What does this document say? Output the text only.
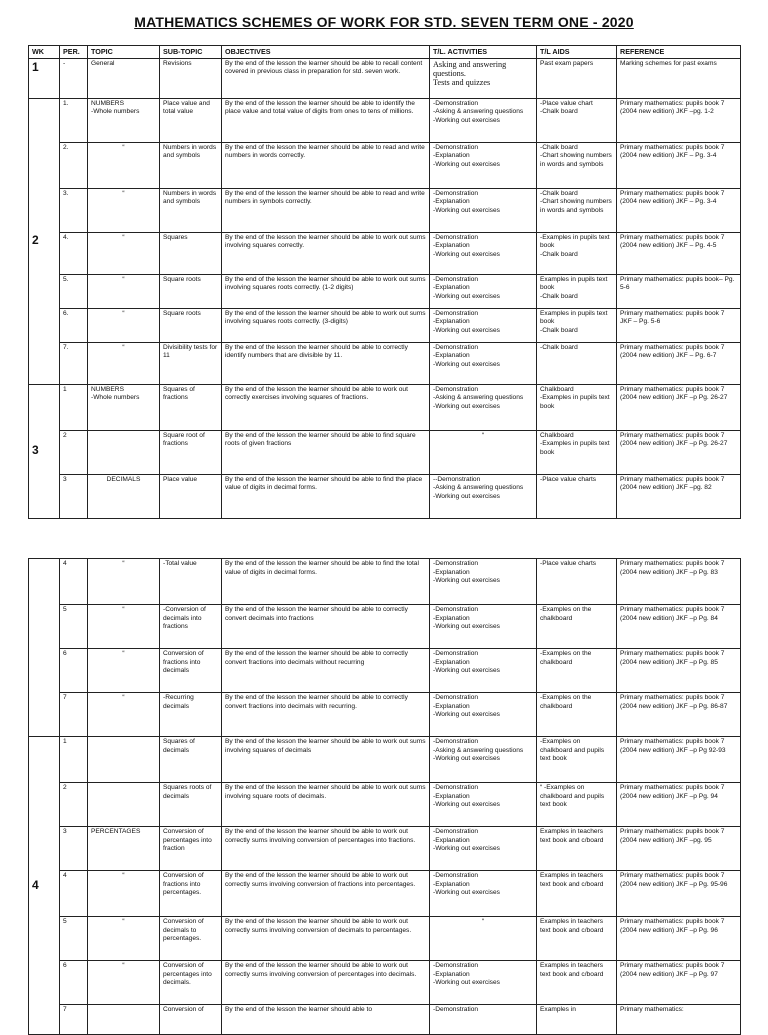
MATHEMATICS SCHEMES OF WORK FOR STD. SEVEN TERM ONE - 2020
WK	PER.	TOPIC	SUB-TOPIC	OBJECTIVES	T/L. ACTIVITIES	T/L AIDS	REFERENCE
1	-	General	Revisions	By the end of the lesson the learner should be able to recall content covered in previous class in preparation for std. seven work.	Asking and answering questions.
Tests and quizzes	Past exam papers	Marking schemes for past exams

2	1.	NUMBERS
-Whole numbers	Place value and total value	By the end of the lesson the learner should be able to identify the place value and total value of digits from ones to tens of millions.	-Demonstration
-Asking & answering questions
-Working out exercises	-Place value chart
-Chalk board	Primary mathematics: pupils book 7 (2004 new edition) JKF –pg. 1-2

	2.	“	Numbers in words and symbols	By the end of the lesson the learner should be able to read and write numbers in words correctly.	-Demonstration
-Explanation
-Working out exercises	-Chalk board
-Chart showing numbers in words and symbols	Primary mathematics: pupils book 7 (2004 new edition) JKF – Pg. 3-4

	3.	“	Numbers in words and symbols	By the end of the lesson the learner should be able to read and write numbers in symbols correctly.	-Demonstration
-Explanation
-Working out exercises	-Chalk board
-Chart showing numbers in words and symbols	Primary mathematics: pupils book 7 (2004 new edition) JKF – Pg. 3-4

	4.	“	Squares	By the end of the lesson the learner should be able to work out sums involving squares correctly.	-Demonstration
-Explanation
-Working out exercises	-Examples in pupils text book
-Chalk board	Primary mathematics: pupils book 7 (2004 new edition) JKF – Pg. 4-5

	5.	“	Square roots	By the end of the lesson the learner should be able to work out sums involving squares roots correctly. (1-2 digits)	-Demonstration
-Explanation
-Working out exercises	Examples in pupils text book
-Chalk board	Primary mathematics: pupils book– Pg. 5-6

	6.	“	Square roots	By the end of the lesson the learner should be able to work out sums involving squares roots correctly. (3-digits)	-Demonstration
-Explanation
-Working out exercises	Examples in pupils text book
-Chalk board	Primary mathematics: pupils book 7 JKF – Pg. 5-6

	7.	“	Divisibility tests for 11	By the end of the lesson the learner should be able to correctly identify numbers that are divisible by 11.	-Demonstration
-Explanation
-Working out exercises	-Chalk board	Primary mathematics: pupils book 7 (2004 new edition) JKF – Pg. 6-7

3	1	NUMBERS
-Whole numbers	Squares of fractions	By the end of the lesson the learner should be able to work out correctly exercises involving squares of fractions.	-Demonstration
-Asking & answering questions
-Working out exercises	Chalkboard
-Examples in pupils text book	Primary mathematics: pupils book 7 (2004 new edition) JKF –p Pg. 26-27

	2		Square root of fractions	By the end of the lesson the learner should be able to find square roots of given fractions	“	Chalkboard
-Examples in pupils text book	Primary mathematics: pupils book 7 (2004 new edition) JKF –p Pg. 26-27

	3	DECIMALS	Place value	By the end of the lesson the learner should be able to find the place value of digits in decimal forms.	--Demonstration
-Asking & answering questions
-Working out exercises	-Place value charts	Primary mathematics: pupils book 7 (2004 new edition) JKF –pg. 82

	4	“	-Total value	By the end of the lesson the learner should be able to find the total value of digits in decimal forms.	-Demonstration
-Explanation
-Working out exercises	-Place value charts	Primary mathematics: pupils book 7 (2004 new edition) JKF –p Pg. 83

	5	“	-Conversion of decimals into fractions	By the end of the lesson the learner should be able to correctly convert decimals into fractions	-Demonstration
-Explanation
-Working out exercises	-Examples on the chalkboard	Primary mathematics: pupils book 7 (2004 new edition) JKF –p Pg. 84

	6	“	Conversion of fractions into decimals	By the end of the lesson the learner should be able to correctly convert fractions into decimals without recurring	-Demonstration
-Explanation
-Working out exercises	-Examples on the chalkboard	Primary mathematics: pupils book 7 (2004 new edition) JKF –p Pg. 85

	7	“	-Recurring decimals	By the end of the lesson the learner should be able to correctly convert fractions into decimals with recurring.	-Demonstration
-Explanation
-Working out exercises	-Examples on the chalkboard	Primary mathematics: pupils book 7 (2004 new edition) JKF –p Pg. 86-87

4	1		Squares of decimals	By the end of the lesson the learner should be able to work out sums involving squares of decimals	-Demonstration
-Asking & answering questions
-Working out exercises	-Examples on chalkboard and pupils text book	Primary mathematics: pupils book 7 (2004 new edition) JKF –p Pg 92-93

	2		Squares roots of decimals	By the end of the lesson the learner should be able to work out sums involving square roots of decimals.	-Demonstration
-Explanation
-Working out exercises	“ -Examples on chalkboard and pupils text book	Primary mathematics: pupils book 7 (2004 new edition) JKF –p Pg. 94

	3	PERCENTAGES	Conversion of percentages into fraction	By the end of the lesson the learner should be able to work out correctly sums involving conversion of percentages into fractions.	-Demonstration
-Explanation
-Working out exercises	Examples in teachers text book and c/board	Primary mathematics: pupils book 7 (2004 new edition) JKF –pg. 95

	4	“	Conversion of fractions into percentages.	By the end of the lesson the learner should be able to work out correctly sums involving conversion of fractions into percentages.	-Demonstration
-Explanation
-Working out exercises	Examples in teachers text book and c/board	Primary mathematics: pupils book 7 (2004 new edition) JKF –p Pg. 95-96

	5	“	Conversion of decimals to percentages.	By the end of the lesson the learner should be able to work out correctly sums involving conversion of decimals to percentages.	“	Examples in teachers text book and c/board	Primary mathematics: pupils book 7 (2004 new edition) JKF –p Pg. 96

	6	“	Conversion of percentages into decimals.	By the end of the lesson the learner should be able to work out correctly sums involving conversion of percentages into decimals.	-Demonstration
-Explanation
-Working out exercises	Examples in teachers text book and c/board	Primary mathematics: pupils book 7 (2004 new edition) JKF –p Pg. 97

	7		Conversion of	By the end of the lesson the learner should able to	-Demonstration	Examples in	Primary mathematics:
